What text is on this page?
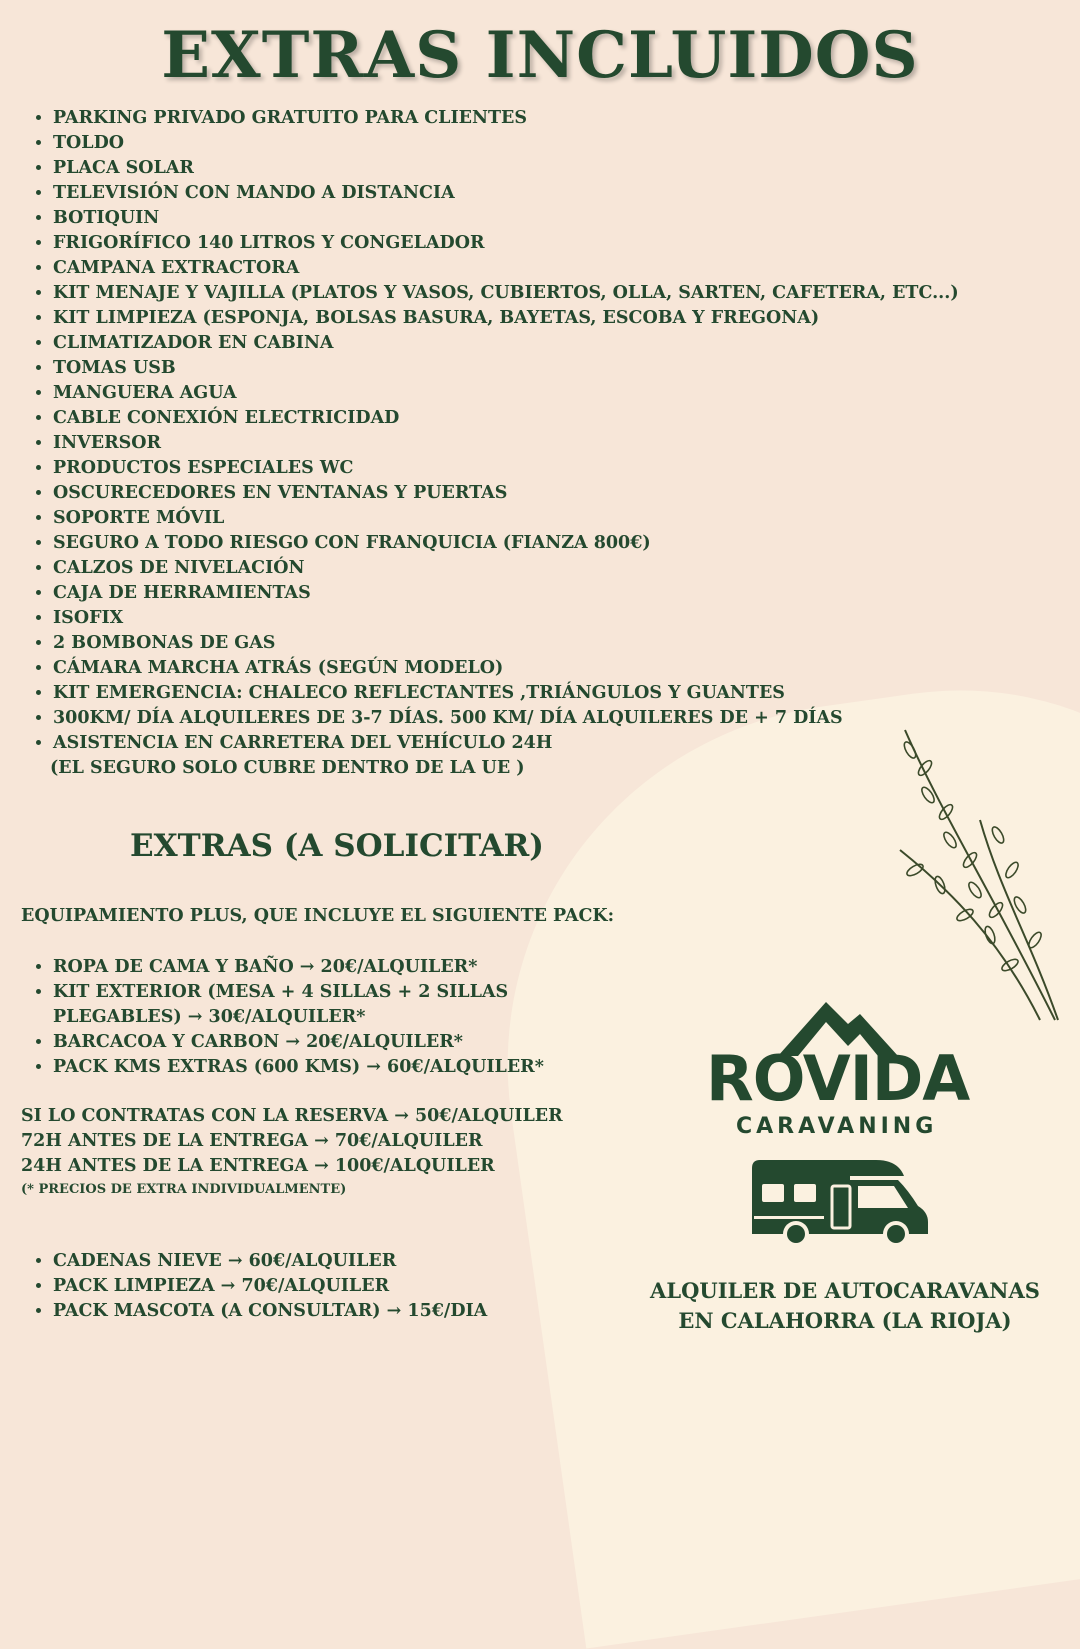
EXTRAS INCLUIDOS
• PARKING PRIVADO GRATUITO PARA CLIENTES
• TOLDO
• PLACA SOLAR
• TELEVISIÓN CON MANDO A DISTANCIA
• BOTIQUIN
• FRIGORÍFICO 140 LITROS Y CONGELADOR
• CAMPANA EXTRACTORA
• KIT MENAJE Y VAJILLA (PLATOS Y VASOS, CUBIERTOS, OLLA, SARTEN, CAFETERA, ETC...)
• KIT LIMPIEZA (ESPONJA, BOLSAS BASURA, BAYETAS, ESCOBA Y FREGONA)
• CLIMATIZADOR EN CABINA
• TOMAS USB
• MANGUERA AGUA
• CABLE CONEXIÓN ELECTRICIDAD
• INVERSOR
• PRODUCTOS ESPECIALES WC
• OSCURECEDORES EN VENTANAS Y PUERTAS
• SOPORTE MÓVIL
• SEGURO A TODO RIESGO CON FRANQUICIA (FIANZA 800€)
• CALZOS DE NIVELACIÓN
• CAJA DE HERRAMIENTAS
• ISOFIX
• 2 BOMBONAS DE GAS
• CÁMARA MARCHA ATRÁS (SEGÚN MODELO)
• KIT EMERGENCIA: CHALECO REFLECTANTES ,TRIÁNGULOS Y GUANTES
• 300KM/ DÍA ALQUILERES DE 3-7 DÍAS. 500 KM/ DÍA ALQUILERES DE + 7 DÍAS
• ASISTENCIA EN CARRETERA DEL VEHÍCULO 24H
(EL SEGURO SOLO CUBRE DENTRO DE LA UE )
EXTRAS (A SOLICITAR)
EQUIPAMIENTO PLUS, QUE INCLUYE EL SIGUIENTE PACK:
• ROPA DE CAMA Y BAÑO → 20€/ALQUILER*
• KIT EXTERIOR (MESA + 4 SILLAS + 2 SILLAS PLEGABLES) → 30€/ALQUILER*
• BARCACOA Y CARBON → 20€/ALQUILER*
• PACK KMS EXTRAS (600 KMS) → 60€/ALQUILER*
SI LO CONTRATAS CON LA RESERVA → 50€/ALQUILER
72H ANTES DE LA ENTREGA → 70€/ALQUILER
24H ANTES DE LA ENTREGA → 100€/ALQUILER
(* PRECIOS DE EXTRA INDIVIDUALMENTE)
• CADENAS NIEVE → 60€/ALQUILER
• PACK LIMPIEZA → 70€/ALQUILER
• PACK MASCOTA (A CONSULTAR) → 15€/DIA
ROVIDA
CARAVANING
ALQUILER DE AUTOCARAVANAS
EN CALAHORRA (LA RIOJA)
